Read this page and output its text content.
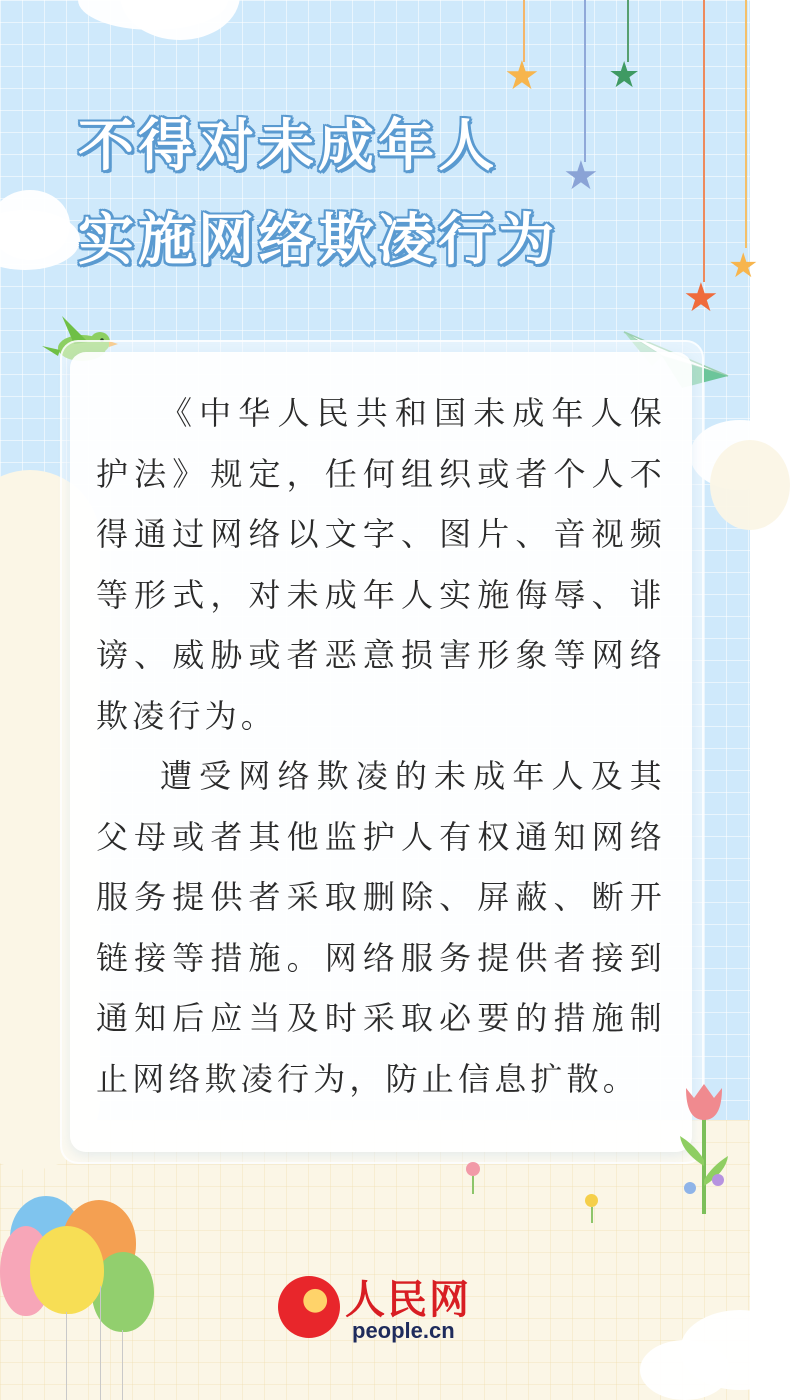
不得对未成年人
实施网络欺凌行为
★
★
★
★
★

《中华人民共和国未成年人保护法》规定，任何组织或者个人不得通过网络以文字、图片、音视频等形式，对未成年人实施侮辱、诽谤、威胁或者恶意损害形象等网络欺凌行为。

遭受网络欺凌的未成年人及其父母或者其他监护人有权通知网络服务提供者采取删除、屏蔽、断开链接等措施。网络服务提供者接到通知后应当及时采取必要的措施制止网络欺凌行为，防止信息扩散。

人民网
people.cn
